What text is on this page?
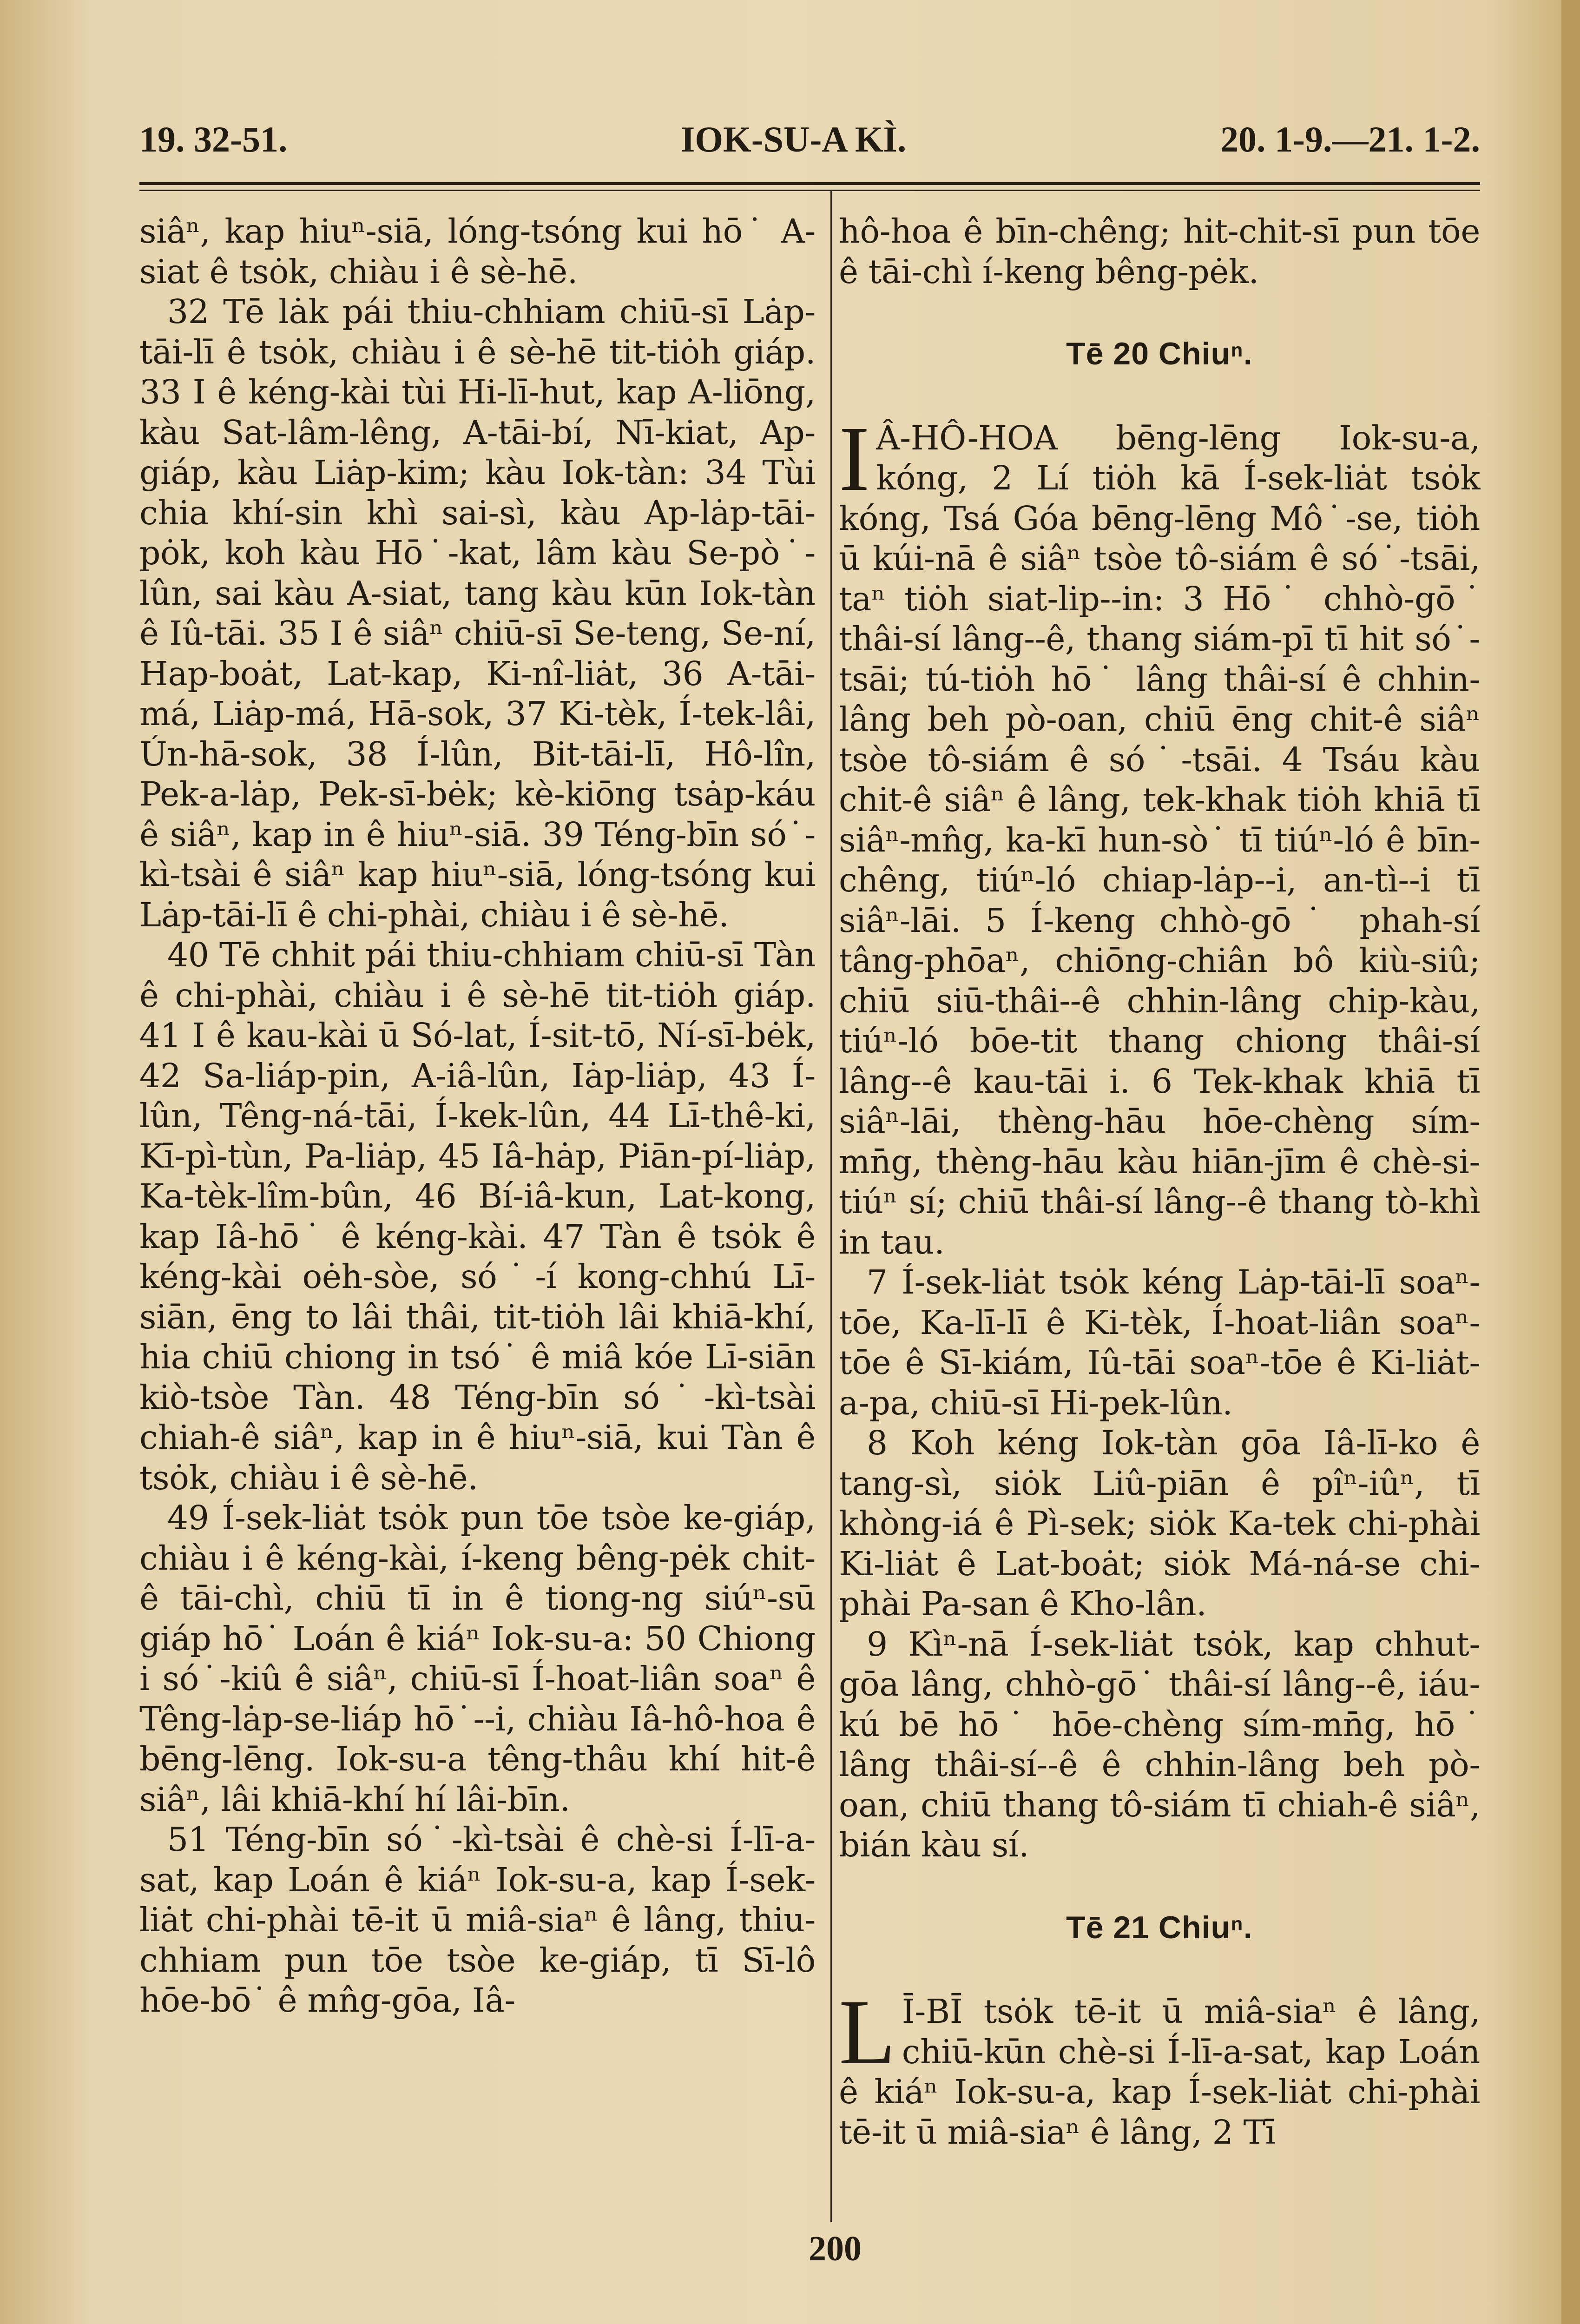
19. 32-51.	IOK-SU-A KÌ.	20. 1-9.—21. 1-2.

siâⁿ, kap hiuⁿ-siā, lóng-tsóng kui hō˙ A-siat ê tsȯk, chiàu i ê sè-hē.

32 Tē lȧk pái thiu-chhiam chiū-sī Lȧp-tāi-lī ê tsȯk, chiàu i ê sè-hē tit-tiȯh giáp. 33 I ê kéng-kài tùi Hi-lī-hut, kap A-liōng, kàu Sat-lâm-lêng, A-tāi-bí, Nī-kiat, Ap-giáp, kàu Liȧp-kim; kàu Iok-tàn: 34 Tùi chia khí-sin khì sai-sì, kàu Ap-lȧp-tāi-pȯk, koh kàu Hō˙-kat, lâm kàu Se-pò˙-lûn, sai kàu A-siat, tang kàu kūn Iok-tàn ê Iû-tāi. 35 I ê siâⁿ chiū-sī Se-teng, Se-ní, Hap-boȧt, Lat-kap, Ki-nî-liȧt, 36 A-tāi-má, Liȧp-má, Hā-sok, 37 Ki-tèk, Í-tek-lâi, Ún-hā-sok, 38 Í-lûn, Bit-tāi-lī, Hô-lîn, Pek-a-lȧp, Pek-sī-bėk; kè-kiōng tsȧp-káu ê siâⁿ, kap in ê hiuⁿ-siā. 39 Téng-bīn só˙-kì-tsài ê siâⁿ kap hiuⁿ-siā, lóng-tsóng kui Lȧp-tāi-lī ê chi-phài, chiàu i ê sè-hē.

40 Tē chhit pái thiu-chhiam chiū-sī Tàn ê chi-phài, chiàu i ê sè-hē tit-tiȯh giáp. 41 I ê kau-kài ū Só-lat, Í-sit-tō, Ní-sī-bėk, 42 Sa-liáp-pin, A-iâ-lûn, Iȧp-liȧp, 43 Í-lûn, Têng-ná-tāi, Í-kek-lûn, 44 Lī-thê-ki, Kī-pì-tùn, Pa-liȧp, 45 Iâ-hȧp, Piān-pí-liȧp, Ka-tèk-lîm-bûn, 46 Bí-iâ-kun, Lat-kong, kap Iâ-hō˙ ê kéng-kài. 47 Tàn ê tsȯk ê kéng-kài oėh-sòe, só˙-í kong-chhú Lī-siān, ēng to lâi thâi, tit-tiȯh lâi khiā-khí, hia chiū chiong in tsó˙ ê miâ kóe Lī-siān kiò-tsòe Tàn. 48 Téng-bīn só˙-kì-tsài chiah-ê siâⁿ, kap in ê hiuⁿ-siā, kui Tàn ê tsȯk, chiàu i ê sè-hē.

49 Í-sek-liȧt tsȯk pun tōe tsòe ke-giáp, chiàu i ê kéng-kài, í-keng bêng-pėk chit-ê tāi-chì, chiū tī in ê tiong-ng siúⁿ-sū giáp hō˙ Loán ê kiáⁿ Iok-su-a: 50 Chiong i só˙-kiû ê siâⁿ, chiū-sī Í-hoat-liân soaⁿ ê Têng-lȧp-se-liáp hō˙--i, chiàu Iâ-hô-hoa ê bēng-lēng. Iok-su-a têng-thâu khí hit-ê siâⁿ, lâi khiā-khí hí lâi-bīn.

51 Téng-bīn só˙-kì-tsài ê chè-si Í-lī-a-sat, kap Loán ê kiáⁿ Iok-su-a, kap Í-sek-liȧt chi-phài tē-it ū miâ-siaⁿ ê lâng, thiu-chhiam pun tōe tsòe ke-giáp, tī Sī-lô hōe-bō˙ ê mn̂g-gōa, Iâ-

hô-hoa ê bīn-chêng; hit-chit-sī pun tōe ê tāi-chì í-keng bêng-pėk.

Tē 20 Chiuⁿ.

I Â-HÔ-HOA bēng-lēng Iok-su-a, kóng, 2 Lí tiȯh kā Í-sek-liȧt tsȯk kóng, Tsá Góa bēng-lēng Mô˙-se, tiȯh ū kúi-nā ê siâⁿ tsòe tô-siám ê só˙-tsāi, taⁿ tiȯh siat-lip--in: 3 Hō˙ chhò-gō˙ thâi-sí lâng--ê, thang siám-pī tī hit só˙-tsāi; tú-tiȯh hō˙ lâng thâi-sí ê chhin-lâng beh pò-oan, chiū ēng chit-ê siâⁿ tsòe tô-siám ê só˙-tsāi. 4 Tsáu kàu chit-ê siâⁿ ê lâng, tek-khak tiȯh khiā tī siâⁿ-mn̂g, ka-kī hun-sò˙ tī tiúⁿ-ló ê bīn-chêng, tiúⁿ-ló chiap-lȧp--i, an-tì--i tī siâⁿ-lāi. 5 Í-keng chhò-gō˙ phah-sí tâng-phōaⁿ, chiōng-chiân bô kiù-siû; chiū siū-thâi--ê chhin-lâng chip-kàu, tiúⁿ-ló bōe-tit thang chiong thâi-sí lâng--ê kau-tāi i. 6 Tek-khak khiā tī siâⁿ-lāi, thèng-hāu hōe-chèng sím-mn̄g, thèng-hāu kàu hiān-jīm ê chè-si-tiúⁿ sí; chiū thâi-sí lâng--ê thang tò-khì in tau.

7 Í-sek-liȧt tsȯk kéng Lȧp-tāi-lī soaⁿ-tōe, Ka-lī-lī ê Ki-tèk, Í-hoat-liân soaⁿ-tōe ê Sī-kiám, Iû-tāi soaⁿ-tōe ê Ki-liȧt-a-pa, chiū-sī Hi-pek-lûn.

8 Koh kéng Iok-tàn gōa Iâ-lī-ko ê tang-sì, siȯk Liû-piān ê pîⁿ-iûⁿ, tī khòng-iá ê Pì-sek; siȯk Ka-tek chi-phài Ki-liȧt ê Lat-boȧt; siȯk Má-ná-se chi-phài Pa-san ê Kho-lân.

9 Kìⁿ-nā Í-sek-liȧt tsȯk, kap chhut-gōa lâng, chhò-gō˙ thâi-sí lâng--ê, iáu-kú bē hō˙ hōe-chèng sím-mn̄g, hō˙ lâng thâi-sí--ê ê chhin-lâng beh pò-oan, chiū thang tô-siám tī chiah-ê siâⁿ, bián kàu sí.

Tē 21 Chiuⁿ.

L Ī-BĪ tsȯk tē-it ū miâ-siaⁿ ê lâng, chiū-kūn chè-si Í-lī-a-sat, kap Loán ê kiáⁿ Iok-su-a, kap Í-sek-liȧt chi-phài tē-it ū miâ-siaⁿ ê lâng, 2 Tī

200
